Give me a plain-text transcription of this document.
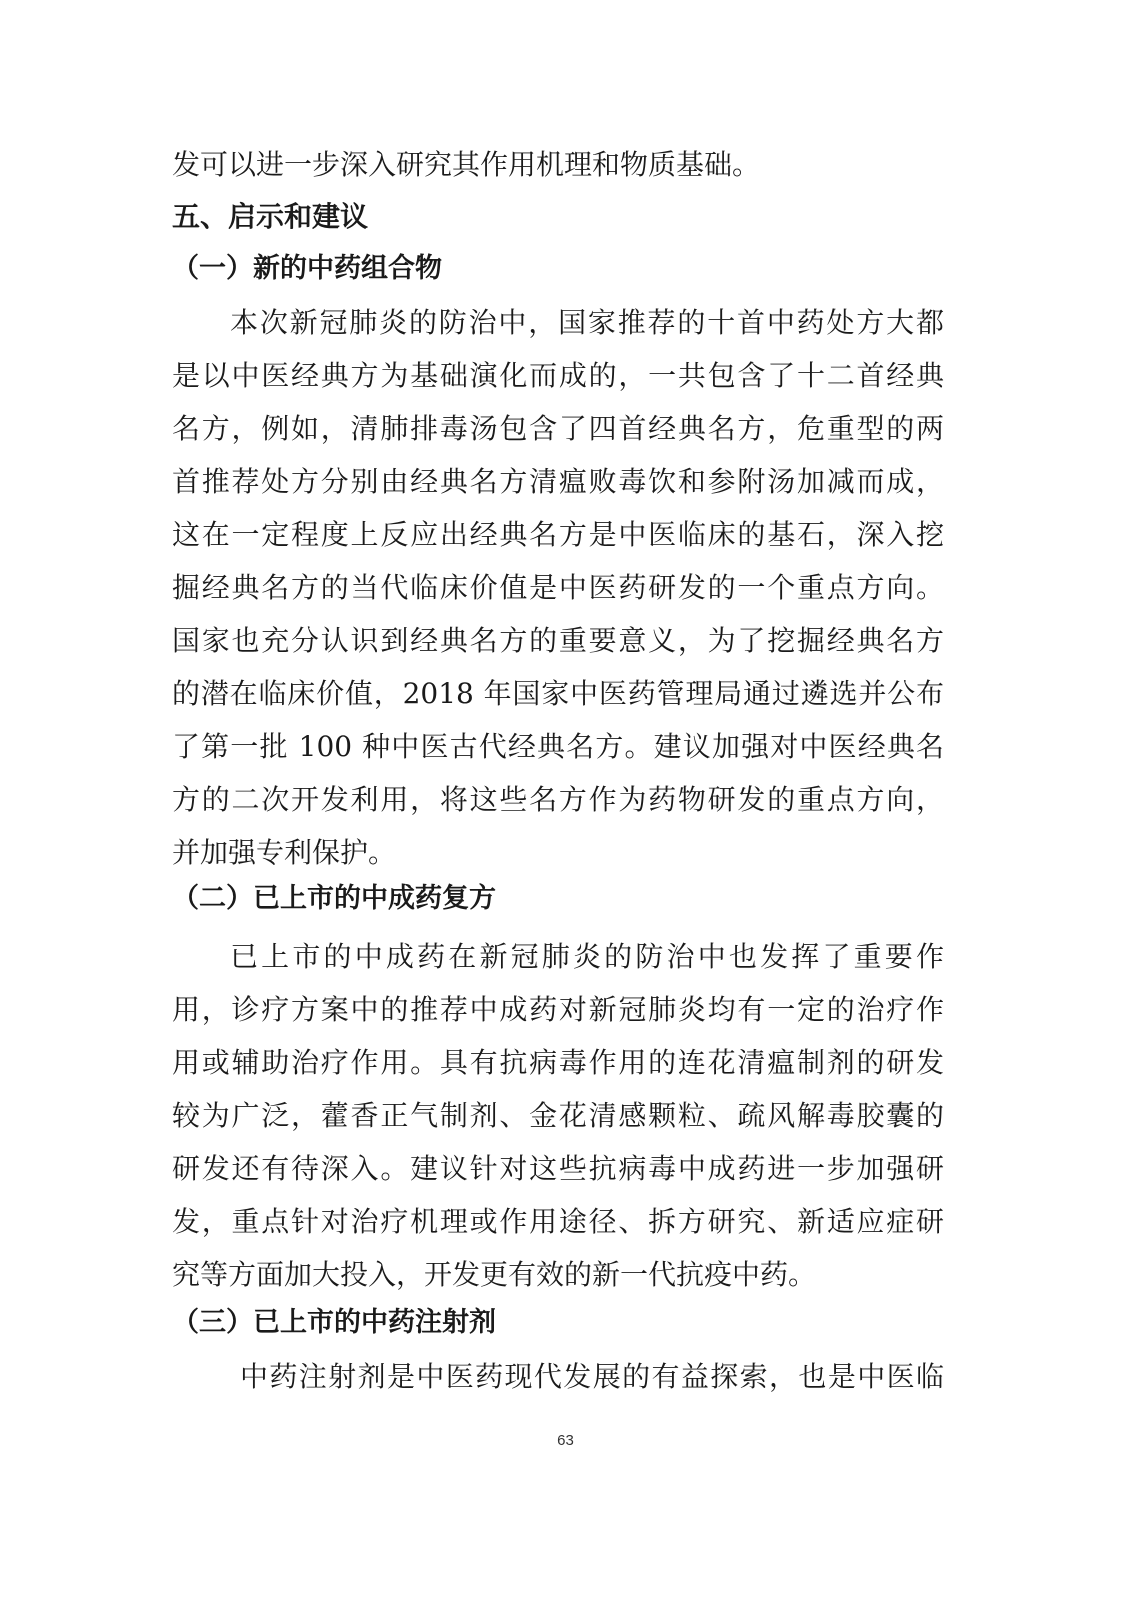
发可以进一步深入研究其作用机理和物质基础。
五、启示和建议
（一）新的中药组合物
本次新冠肺炎的防治中，国家推荐的十首中药处方大都
是以中医经典方为基础演化而成的，一共包含了十二首经典
名方，例如，清肺排毒汤包含了四首经典名方，危重型的两
首推荐处方分别由经典名方清瘟败毒饮和参附汤加减而成，
这在一定程度上反应出经典名方是中医临床的基石，深入挖
掘经典名方的当代临床价值是中医药研发的一个重点方向。
国家也充分认识到经典名方的重要意义，为了挖掘经典名方
的潜在临床价值，2018 年国家中医药管理局通过遴选并公布
了第一批 100 种中医古代经典名方。建议加强对中医经典名
方的二次开发利用，将这些名方作为药物研发的重点方向，
并加强专利保护。
（二）已上市的中成药复方
已上市的中成药在新冠肺炎的防治中也发挥了重要作
用，诊疗方案中的推荐中成药对新冠肺炎均有一定的治疗作
用或辅助治疗作用。具有抗病毒作用的连花清瘟制剂的研发
较为广泛，藿香正气制剂、金花清感颗粒、疏风解毒胶囊的
研发还有待深入。建议针对这些抗病毒中成药进一步加强研
发，重点针对治疗机理或作用途径、拆方研究、新适应症研
究等方面加大投入，开发更有效的新一代抗疫中药。
（三）已上市的中药注射剂
中药注射剂是中医药现代发展的有益探索，也是中医临
63
